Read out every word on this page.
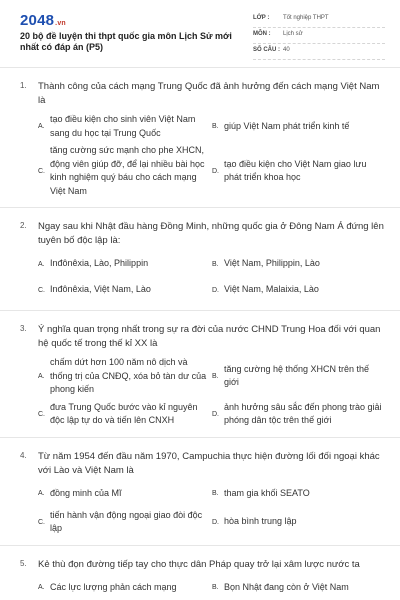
2048.vn
20 bộ đề luyện thi thpt quốc gia môn Lịch Sử mới nhất có đáp án (P5)
LỚP : Tốt nghiệp THPT
MÔN : Lịch sử
SỐ CÂU : 40
1. Thành công của cách mạng Trung Quốc đã ảnh hưởng đến cách mạng Việt Nam là
A.
tạo điều kiện cho sinh viên Việt Nam sang du học tại Trung Quốc
B. giúp Việt Nam phát triển kinh tế
C.
tăng cường sức mạnh cho phe XHCN, động viên giúp đỡ, để lại nhiều bài học kinh nghiệm quý báu cho cách mạng Việt Nam
D.
tạo điều kiện cho Việt Nam giao lưu phát triển khoa học
2. Ngay sau khi Nhật đầu hàng Đồng Minh, những quốc gia ở Đông Nam Á đứng lên tuyên bố độc lập là:
A. Inđônêxia, Lào, Philippin	B. Việt Nam, Philippin, Lào
C. Inđônêxia, Việt Nam, Lào	D. Việt Nam, Malaixia, Lào
3. Ý nghĩa quan trọng nhất trong sự ra đời của nước CHND Trung Hoa đối với quan hệ quốc tế trong thế kỉ XX là
A.
chấm dứt hơn 100 năm nô dịch và thống trị của CNĐQ, xóa bỏ tàn dư của phong kiến
B.
tăng cường hệ thống XHCN trên thế giới
C.
đưa Trung Quốc bước vào kỉ nguyên độc lập tự do và tiến lên CNXH
D.
ảnh hưởng sâu sắc đến phong trào giải phóng dân tộc trên thế giới
4. Từ năm 1954 đến đầu năm 1970, Campuchia thực hiện đường lối đối ngoại khác với Lào và Việt Nam là
A. đồng minh của Mĩ	B. tham gia khối SEATO
C.
tiến hành vận động ngoại giao đòi độc lập
D. hòa bình trung lập
5. Kẻ thù đọn đường tiếp tay cho thực dân Pháp quay trở lại xâm lược nước ta
A. Các lực lượng phản cách mạng	B. Bọn Nhật đang còn ở Việt Nam
